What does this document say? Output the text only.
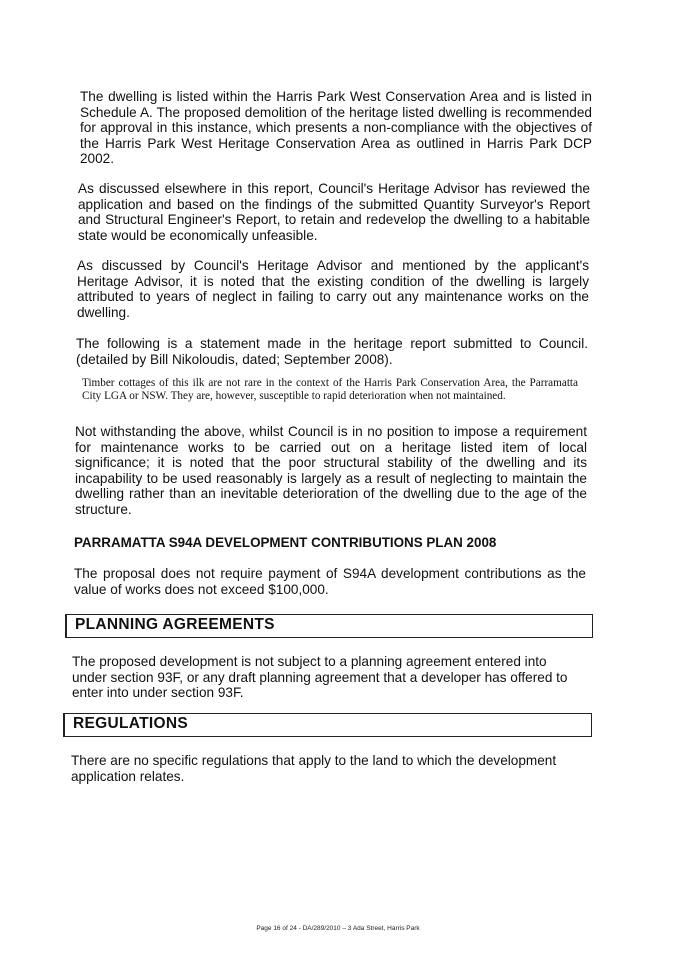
The dwelling is listed within the Harris Park West Conservation Area and is listed in Schedule A. The proposed demolition of the heritage listed dwelling is recommended for approval in this instance, which presents a non-compliance with the objectives of the Harris Park West Heritage Conservation Area as outlined in Harris Park DCP 2002.

As discussed elsewhere in this report, Council's Heritage Advisor has reviewed the application and based on the findings of the submitted Quantity Surveyor's Report and Structural Engineer's Report, to retain and redevelop the dwelling to a habitable state would be economically unfeasible.

As discussed by Council's Heritage Advisor and mentioned by the applicant's Heritage Advisor, it is noted that the existing condition of the dwelling is largely attributed to years of neglect in failing to carry out any maintenance works on the dwelling.

The following is a statement made in the heritage report submitted to Council. (detailed by Bill Nikoloudis, dated; September 2008).

Timber cottages of this ilk are not rare in the context of the Harris Park Conservation Area, the Parramatta City LGA or NSW. They are, however, susceptible to rapid deterioration when not maintained.

Not withstanding the above, whilst Council is in no position to impose a requirement for maintenance works to be carried out on a heritage listed item of local significance; it is noted that the poor structural stability of the dwelling and its incapability to be used reasonably is largely as a result of neglecting to maintain the dwelling rather than an inevitable deterioration of the dwelling due to the age of the structure.

PARRAMATTA S94A DEVELOPMENT CONTRIBUTIONS PLAN 2008

The proposal does not require payment of S94A development contributions as the value of works does not exceed $100,000.

PLANNING AGREEMENTS

The proposed development is not subject to a planning agreement entered into under section 93F, or any draft planning agreement that a developer has offered to enter into under section 93F.

REGULATIONS

There are no specific regulations that apply to the land to which the development application relates.

Page 16 of 24 - DA/289/2010 – 3 Ada Street, Harris Park
